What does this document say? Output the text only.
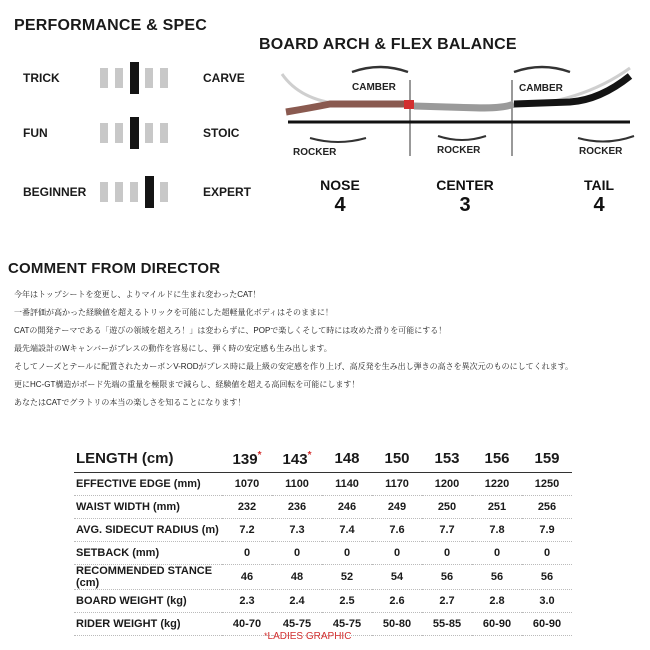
PERFORMANCE & SPEC
TRICK	CARVE
FUN	STOIC
BEGINNER	EXPERT
BOARD ARCH & FLEX BALANCE
CAMBER	CAMBER
ROCKER	ROCKER	ROCKER
NOSE
4
CENTER
3
TAIL
4
COMMENT FROM DIRECTOR
今年はトップシートを変更し、よりマイルドに生まれ変わったCAT！
一番評価が高かった経験値を超えるトリックを可能にした超軽量化ボディはそのままに！
CATの開発テーマである「遊びの領域を超えろ！」は変わらずに、POPで楽しくそして時には攻めた滑りを可能にする！
最先端設計のWキャンバーがプレスの動作を容易にし、弾く時の安定感も生み出します。
そしてノーズとテールに配置されたカーボンV-RODがプレス時に最上級の安定感を作り上げ、高反発を生み出し弾きの高さを異次元のものにしてくれます。
更にHC-GT構造がボード先端の重量を極限まで減らし、経験値を超える高回転を可能にします！
あなたはCATでグラトリの本当の楽しさを知ることになります！
LENGTH (cm)	139*	143*	148	150	153	156	159
EFFECTIVE EDGE (mm)	1070	1100	1140	1170	1200	1220	1250
WAIST WIDTH (mm)	232	236	246	249	250	251	256
AVG. SIDECUT RADIUS (m)	7.2	7.3	7.4	7.6	7.7	7.8	7.9
SETBACK (mm)	0	0	0	0	0	0	0
RECOMMENDED STANCE (cm)	46	48	52	54	56	56	56
BOARD WEIGHT (kg)	2.3	2.4	2.5	2.6	2.7	2.8	3.0
RIDER WEIGHT (kg)	40-70	45-75	45-75	50-80	55-85	60-90	60-90
*LADIES GRAPHIC
